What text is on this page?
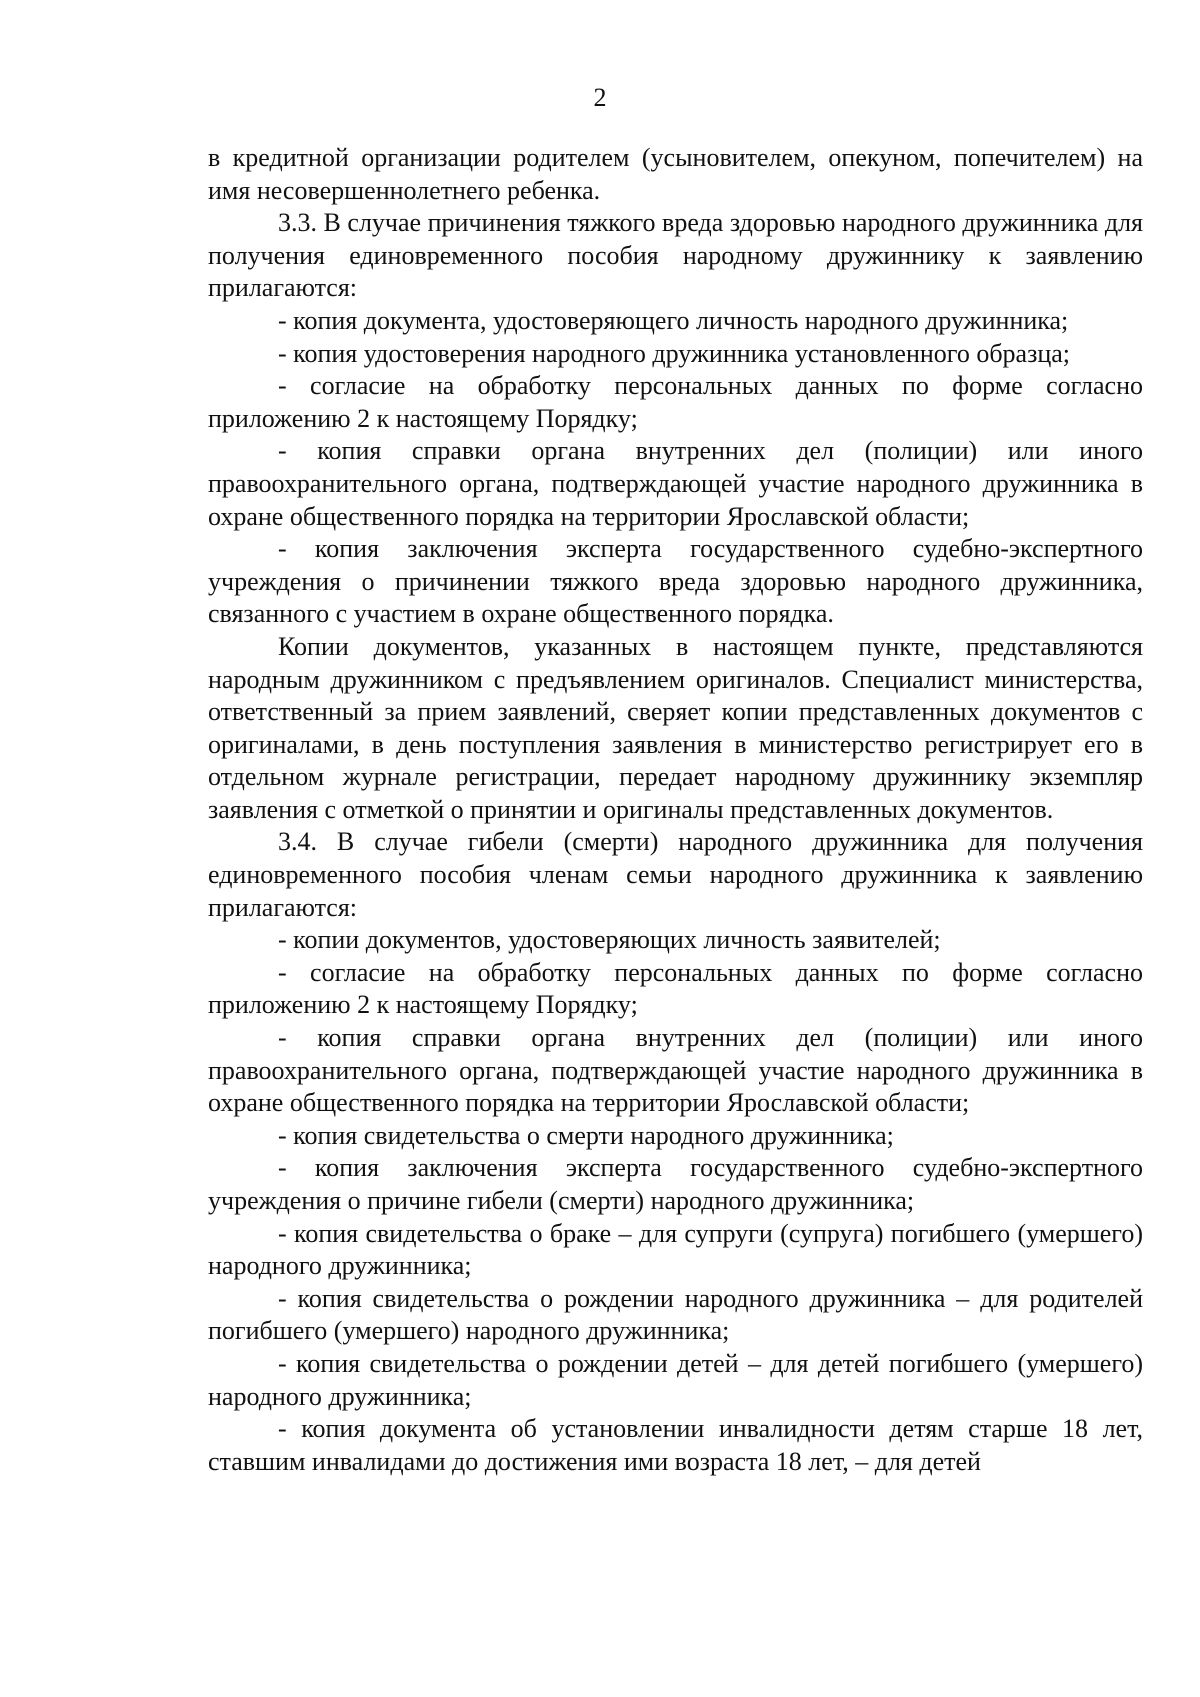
2

в кредитной организации родителем (усыновителем, опекуном, попечителем) на имя несовершеннолетнего ребенка.

3.3. В случае причинения тяжкого вреда здоровью народного дружинника для получения единовременного пособия народному дружиннику к заявлению прилагаются:

- копия документа, удостоверяющего личность народного дружинника;

- копия удостоверения народного дружинника установленного образца;

- согласие на обработку персональных данных по форме согласно приложению 2 к настоящему Порядку;

- копия справки органа внутренних дел (полиции) или иного правоохранительного органа, подтверждающей участие народного дружинника в охране общественного порядка на территории Ярославской области;

- копия заключения эксперта государственного судебно-экспертного учреждения о причинении тяжкого вреда здоровью народного дружинника, связанного с участием в охране общественного порядка.

Копии документов, указанных в настоящем пункте, представляются народным дружинником с предъявлением оригиналов. Специалист министерства, ответственный за прием заявлений, сверяет копии представленных документов с оригиналами, в день поступления заявления в министерство регистрирует его в отдельном журнале регистрации, передает народному дружиннику экземпляр заявления с отметкой о принятии и оригиналы представленных документов.

3.4. В случае гибели (смерти) народного дружинника для получения единовременного пособия членам семьи народного дружинника к заявлению прилагаются:

- копии документов, удостоверяющих личность заявителей;

- согласие на обработку персональных данных по форме согласно приложению 2 к настоящему Порядку;

- копия справки органа внутренних дел (полиции) или иного правоохранительного органа, подтверждающей участие народного дружинника в охране общественного порядка на территории Ярославской области;

- копия свидетельства о смерти народного дружинника;

- копия заключения эксперта государственного судебно-экспертного учреждения о причине гибели (смерти) народного дружинника;

- копия свидетельства о браке – для супруги (супруга) погибшего (умершего) народного дружинника;

- копия свидетельства о рождении народного дружинника – для родителей погибшего (умершего) народного дружинника;

- копия свидетельства о рождении детей – для детей погибшего (умершего) народного дружинника;

- копия документа об установлении инвалидности детям старше 18 лет, ставшим инвалидами до достижения ими возраста 18 лет, – для детей
